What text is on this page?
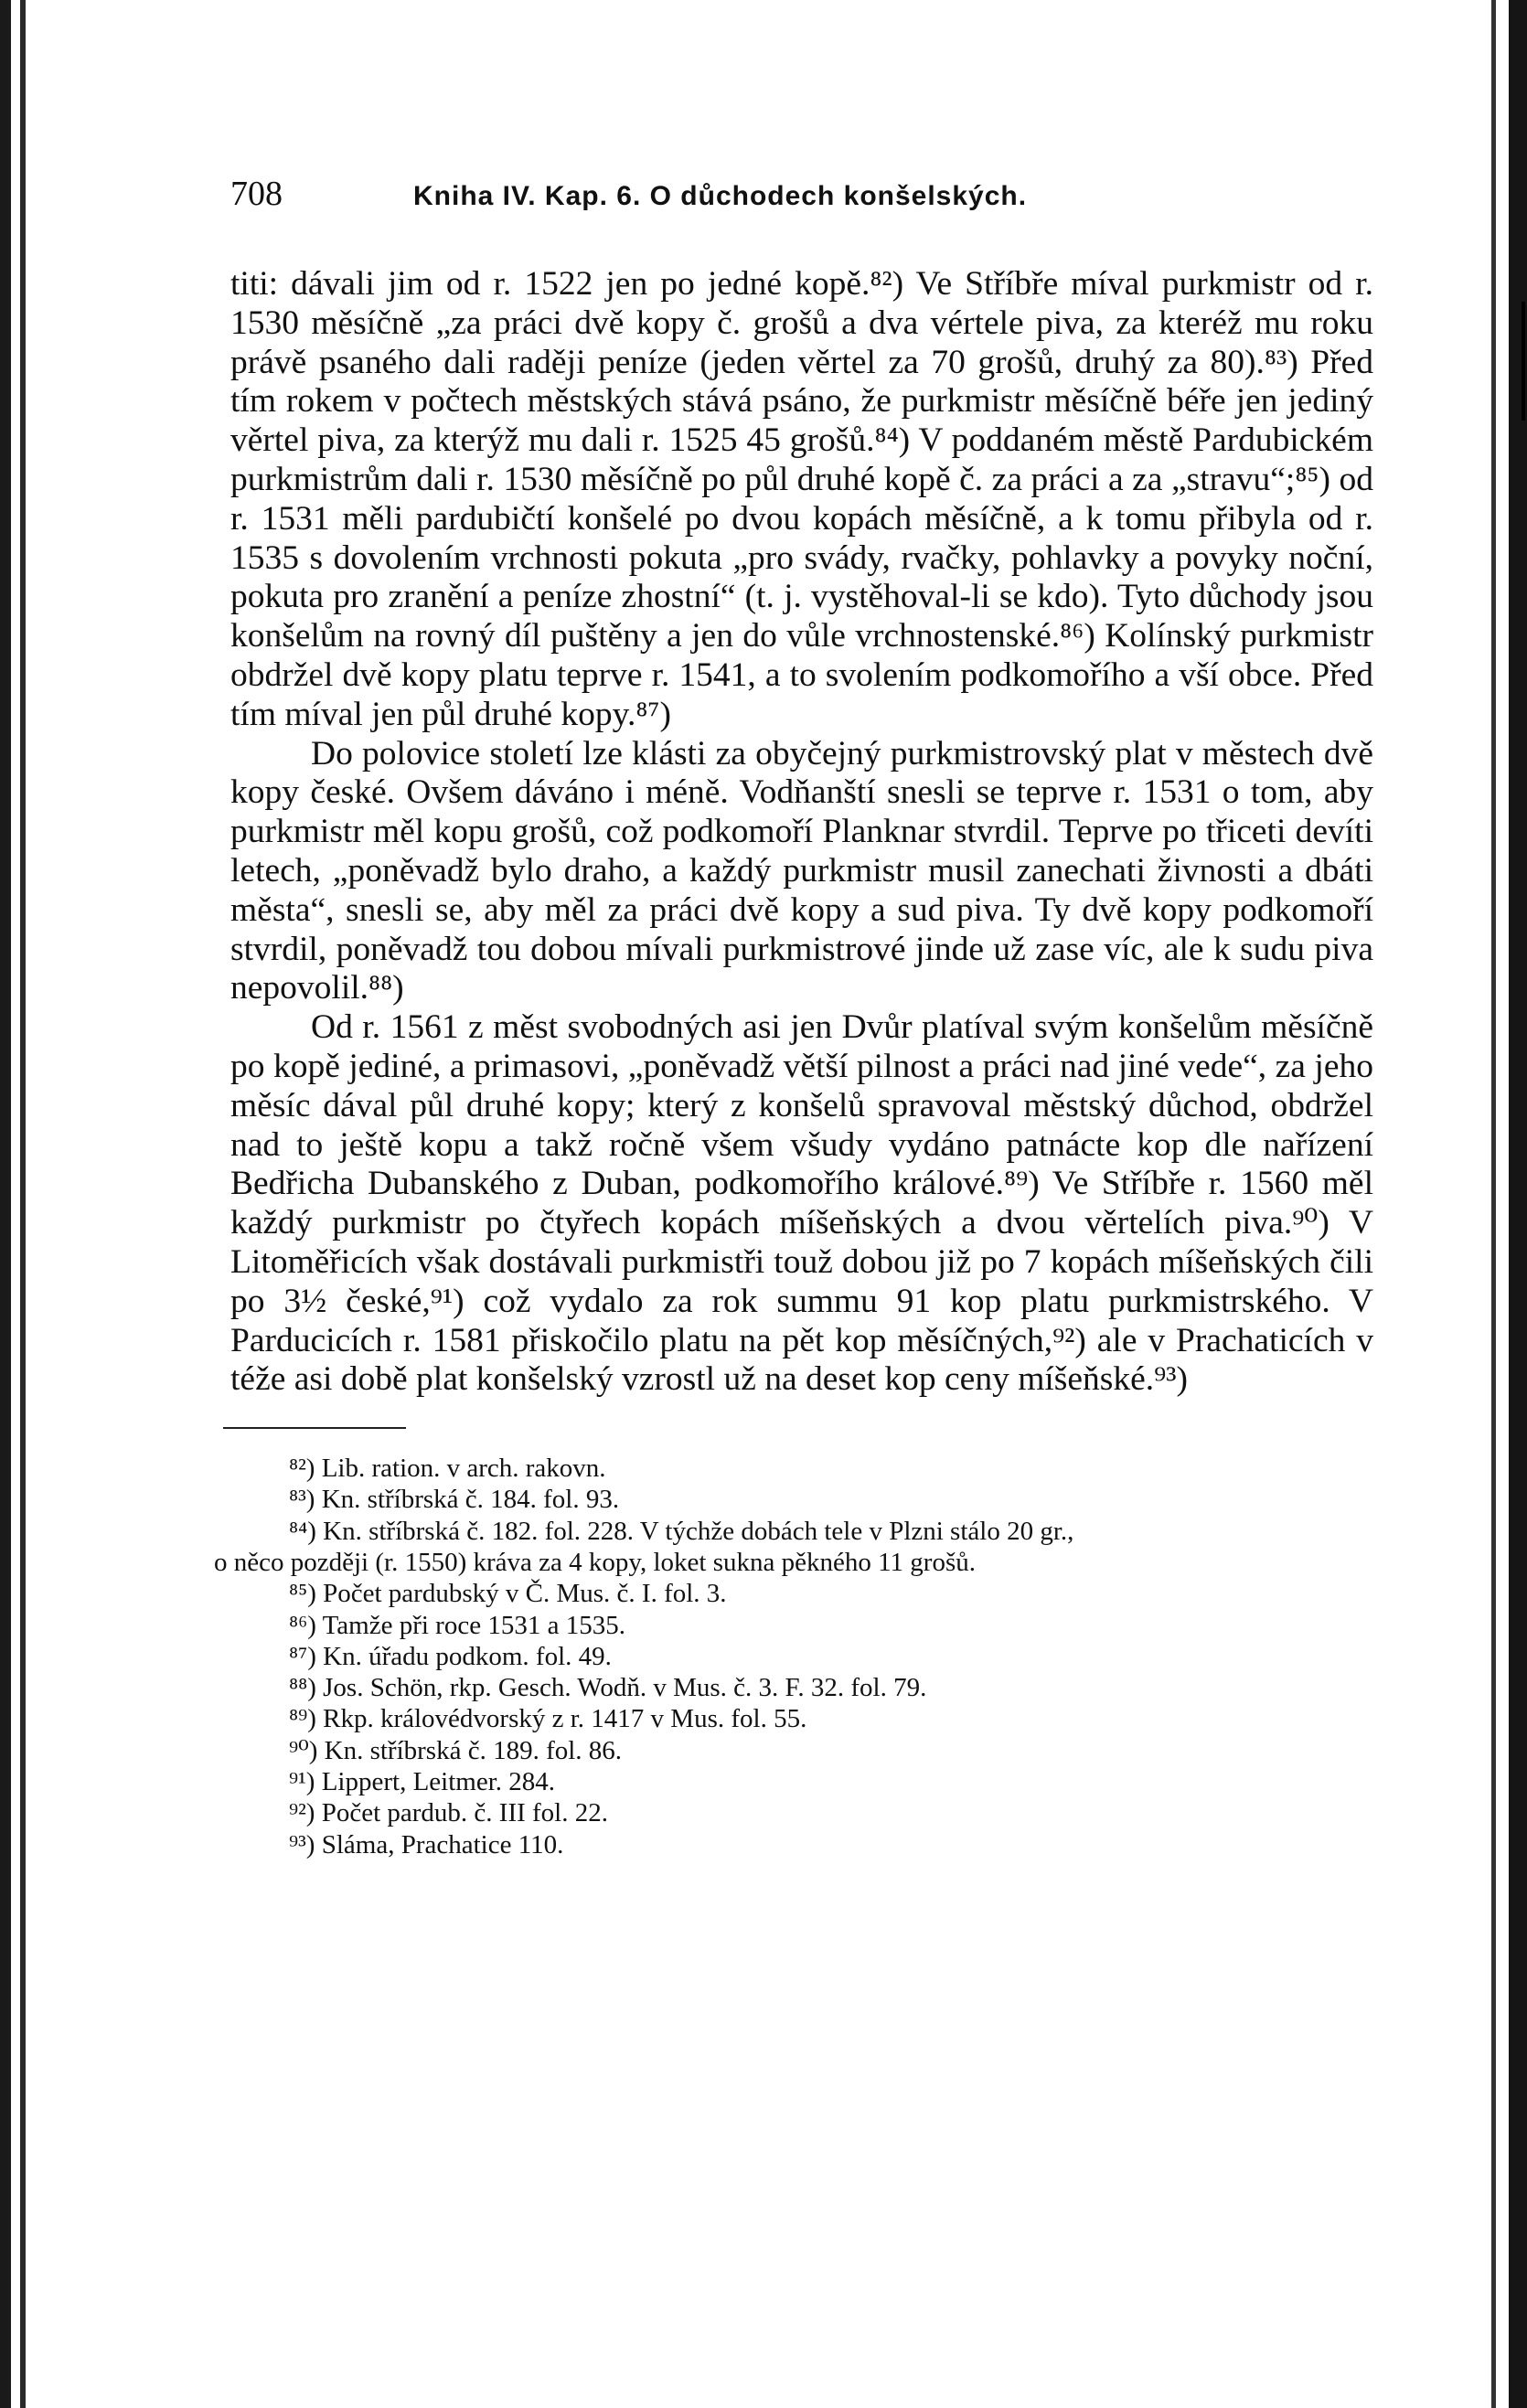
708	Kniha IV. Kap. 6. O důchodech konšelských.

titi: dávali jim od r. 1522 jen po jedné kopě.⁸²) Ve Stříbře míval purkmistr od r. 1530 měsíčně „za práci dvě kopy č. grošů a dva vértele piva, za kteréž mu roku právě psaného dali raději peníze (jeden věrtel za 70 grošů, druhý za 80).⁸³) Před tím rokem v počtech městských stává psáno, že purkmistr měsíčně béře jen jediný věrtel piva, za kterýž mu dali r. 1525 45 grošů.⁸⁴) V poddaném městě Pardubickém purkmistrům dali r. 1530 měsíčně po půl druhé kopě č. za práci a za „stravu“;⁸⁵) od r. 1531 měli pardubičtí konšelé po dvou kopách měsíčně, a k tomu přibyla od r. 1535 s dovolením vrchnosti pokuta „pro svády, rvačky, pohlavky a povyky noční, pokuta pro zranění a peníze zhostní“ (t. j. vystěhoval-li se kdo). Tyto důchody jsou konšelům na rovný díl puštěny a jen do vůle vrchnostenské.⁸⁶) Kolínský purkmistr obdržel dvě kopy platu teprve r. 1541, a to svolením podkomořího a vší obce. Před tím míval jen půl druhé kopy.⁸⁷)

Do polovice století lze klásti za obyčejný purkmistrovský plat v městech dvě kopy české. Ovšem dáváno i méně. Vodňanští snesli se teprve r. 1531 o tom, aby purkmistr měl kopu grošů, což podkomoří Planknar stvrdil. Teprve po třiceti devíti letech, „poněvadž bylo draho, a každý purkmistr musil zanechati živnosti a dbáti města“, snesli se, aby měl za práci dvě kopy a sud piva. Ty dvě kopy podkomoří stvrdil, poněvadž tou dobou mívali purkmistrové jinde už zase víc, ale k sudu piva nepovolil.⁸⁸)

Od r. 1561 z měst svobodných asi jen Dvůr platíval svým konšelům měsíčně po kopě jediné, a primasovi, „poněvadž větší pilnost a práci nad jiné vede“, za jeho měsíc dával půl druhé kopy; který z konšelů spravoval městský důchod, obdržel nad to ještě kopu a takž ročně všem všudy vydáno patnácte kop dle nařízení Bedřicha Dubanského z Duban, podkomořího králové.⁸⁹) Ve Stříbře r. 1560 měl každý purkmistr po čtyřech kopách míšeňských a dvou věrtelích piva.⁹⁰) V Litoměřicích však dostávali purkmistři touž dobou již po 7 kopách míšeňských čili po 3½ české,⁹¹) což vydalo za rok summu 91 kop platu purkmistrského. V Parducicích r. 1581 přiskočilo platu na pět kop měsíčných,⁹²) ale v Prachaticích v téže asi době plat konšelský vzrostl už na deset kop ceny míšeňské.⁹³)

⁸²) Lib. ration. v arch. rakovn.
⁸³) Kn. stříbrská č. 184. fol. 93.
⁸⁴) Kn. stříbrská č. 182. fol. 228. V týchže dobách tele v Plzni stálo 20 gr.,
o něco později (r. 1550) kráva za 4 kopy, loket sukna pěkného 11 grošů.
⁸⁵) Počet pardubský v Č. Mus. č. I. fol. 3.
⁸⁶) Tamže při roce 1531 a 1535.
⁸⁷) Kn. úřadu podkom. fol. 49.
⁸⁸) Jos. Schön, rkp. Gesch. Wodň. v Mus. č. 3. F. 32. fol. 79.
⁸⁹) Rkp. královédvorský z r. 1417 v Mus. fol. 55.
⁹⁰) Kn. stříbrská č. 189. fol. 86.
⁹¹) Lippert, Leitmer. 284.
⁹²) Počet pardub. č. III fol. 22.
⁹³) Sláma, Prachatice 110.
